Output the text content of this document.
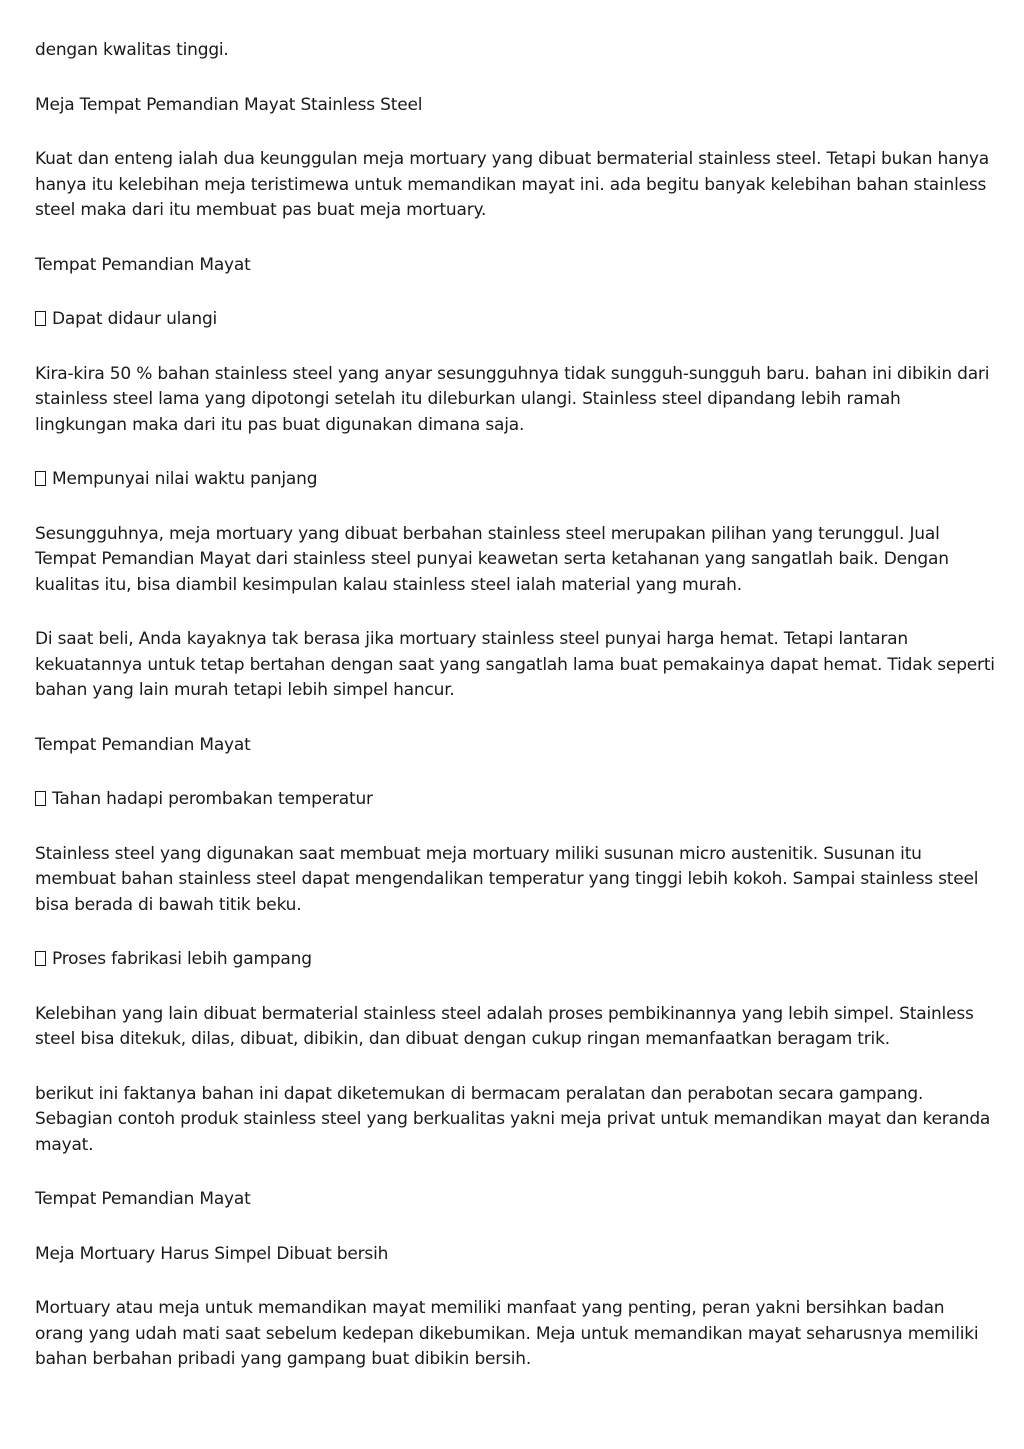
dengan kwalitas tinggi.

Meja Tempat Pemandian Mayat Stainless Steel

Kuat dan enteng ialah dua keunggulan meja mortuary yang dibuat bermaterial stainless steel. Tetapi bukan hanya hanya itu kelebihan meja teristimewa untuk memandikan mayat ini. ada begitu banyak kelebihan bahan stainless steel maka dari itu membuat pas buat meja mortuary.

Tempat Pemandian Mayat

Dapat didaur ulangi

Kira-kira 50 % bahan stainless steel yang anyar sesungguhnya tidak sungguh-sungguh baru. bahan ini dibikin dari stainless steel lama yang dipotongi setelah itu dileburkan ulangi. Stainless steel dipandang lebih ramah lingkungan maka dari itu pas buat digunakan dimana saja.

Mempunyai nilai waktu panjang

Sesungguhnya, meja mortuary yang dibuat berbahan stainless steel merupakan pilihan yang terunggul. Jual Tempat Pemandian Mayat dari stainless steel punyai keawetan serta ketahanan yang sangatlah baik. Dengan kualitas itu, bisa diambil kesimpulan kalau stainless steel ialah material yang murah.

Di saat beli, Anda kayaknya tak berasa jika mortuary stainless steel punyai harga hemat. Tetapi lantaran kekuatannya untuk tetap bertahan dengan saat yang sangatlah lama buat pemakainya dapat hemat. Tidak seperti bahan yang lain murah tetapi lebih simpel hancur.

Tempat Pemandian Mayat

Tahan hadapi perombakan temperatur

Stainless steel yang digunakan saat membuat meja mortuary miliki susunan micro austenitik. Susunan itu membuat bahan stainless steel dapat mengendalikan temperatur yang tinggi lebih kokoh. Sampai stainless steel bisa berada di bawah titik beku.

Proses fabrikasi lebih gampang

Kelebihan yang lain dibuat bermaterial stainless steel adalah proses pembikinannya yang lebih simpel. Stainless steel bisa ditekuk, dilas, dibuat, dibikin, dan dibuat dengan cukup ringan memanfaatkan beragam trik.

berikut ini faktanya bahan ini dapat diketemukan di bermacam peralatan dan perabotan secara gampang. Sebagian contoh produk stainless steel yang berkualitas yakni meja privat untuk memandikan mayat dan keranda mayat.

Tempat Pemandian Mayat

Meja Mortuary Harus Simpel Dibuat bersih

Mortuary atau meja untuk memandikan mayat memiliki manfaat yang penting, peran yakni bersihkan badan orang yang udah mati saat sebelum kedepan dikebumikan. Meja untuk memandikan mayat seharusnya memiliki bahan berbahan pribadi yang gampang buat dibikin bersih.
